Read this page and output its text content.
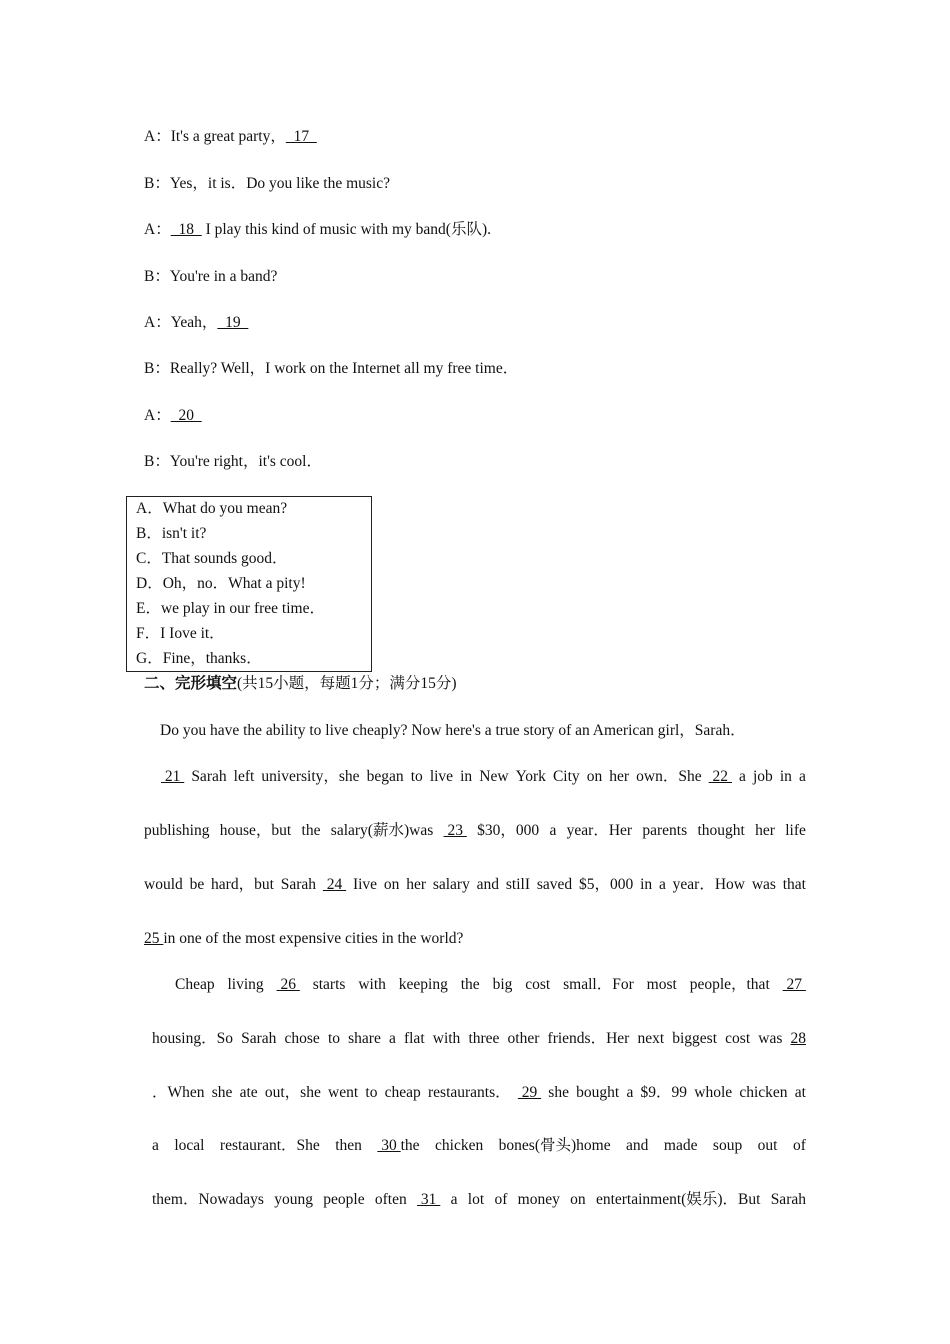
A：It's a great party，  17
B：Yes，it is．Do you like the music?
A：  18   I play this kind of music with my band(乐队).
B：You're in a band?
A：Yeah，  19
B：Really? Well，I work on the Internet all my free time．
A：  20
B：You're right，it's cool．
A．What do you mean?
B．isn't it?
C．That sounds good．
D．Oh，no．What a pity!
E．we play in our free time．
F．I Iove it．
G．Fine，thanks．
二、完形填空(共15小题，每题1分；满分15分)
Do you have the ability to live cheaply? Now here's a true story of an American girl，Sarah．
21 Sarah left university，she began to live in New York City on her own．She 22 a job in a
publishing house，but the salary(薪水)was 23 $30，000 a year．Her parents thought her life
would be hard，but Sarah 24 Iive on her salary and stilI saved $5，000 in a year．How was that
Cheap living 26 starts with keeping the big cost small．For most people，that 27
housing．So Sarah chose to share a flat with three other friends．Her next biggest cost was 28
．When she ate out，she went to cheap restaurants． 29 she bought a $9．99 whole chicken at
a local restaurant．She then 30 the chicken bones(骨头)home and made soup out of
them．Nowadays young people often 31 a lot of money on entertainment(娱乐)．But Sarah
25 in one of the most expensive cities in the world?
